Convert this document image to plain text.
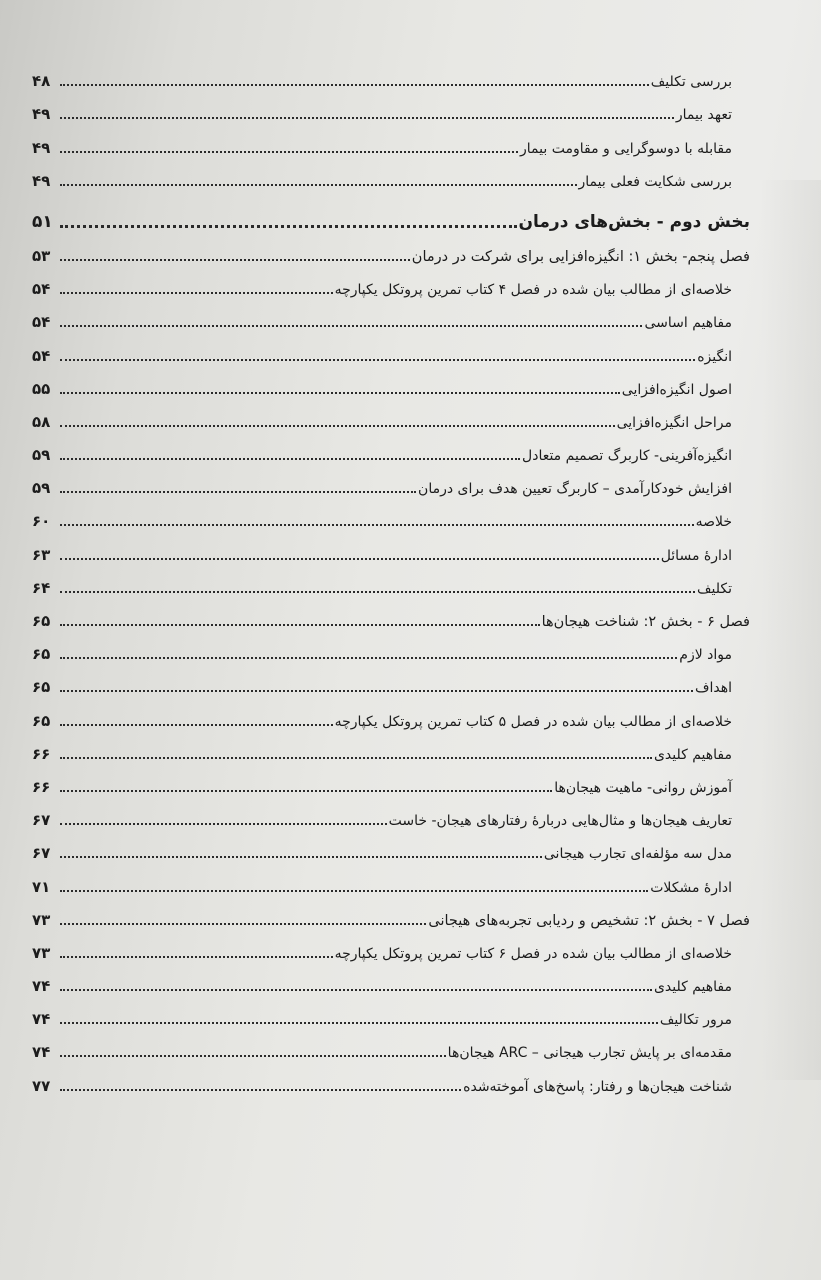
بررسی تکلیف
۴۸
تعهد بیمار
۴۹
مقابله با دوسوگرایی و مقاومت بیمار
۴۹
بررسی شکایت فعلی بیمار
۴۹
بخش دوم - بخش‌های درمان
۵۱
فصل پنجم- بخش ۱: انگیزه‌افزایی برای شرکت در درمان
۵۳
خلاصه‌ای از مطالب بیان شده در فصل ۴ کتاب تمرین پروتکل یکپارچه
۵۴
مفاهیم اساسی
۵۴
انگیزه
۵۴
اصول انگیزه‌افزایی
۵۵
مراحل انگیزه‌افزایی
۵۸
انگیزه‌آفرینی- کاربرگ تصمیم متعادل
۵۹
افزایش خودکارآمدی – کاربرگ تعیین هدف برای درمان
۵۹
خلاصه
۶۰
ادارهٔ مسائل
۶۳
تکلیف
۶۴
فصل ۶ - بخش ۲: شناخت هیجان‌ها
۶۵
مواد لازم
۶۵
اهداف
۶۵
خلاصه‌ای از مطالب بیان شده در فصل ۵ کتاب تمرین پروتکل یکپارچه
۶۵
مفاهیم کلیدی
۶۶
آموزش روانی- ماهیت هیجان‌ها
۶۶
تعاریف هیجان‌ها و مثال‌هایی دربارهٔ رفتارهای هیجان- خاست
۶۷
مدل سه مؤلفه‌ای تجارب هیجانی
۶۷
ادارهٔ مشکلات
۷۱
فصل ۷ - بخش ۲: تشخیص و ردیابی تجربه‌های هیجانی
۷۳
خلاصه‌ای از مطالب بیان شده در فصل ۶ کتاب تمرین پروتکل یکپارچه
۷۳
مفاهیم کلیدی
۷۴
مرور تکالیف
۷۴
مقدمه‌ای بر پایش تجارب هیجانی – ARC هیجان‌ها
۷۴
شناخت هیجان‌ها و رفتار: پاسخ‌های آموخته‌شده
۷۷
